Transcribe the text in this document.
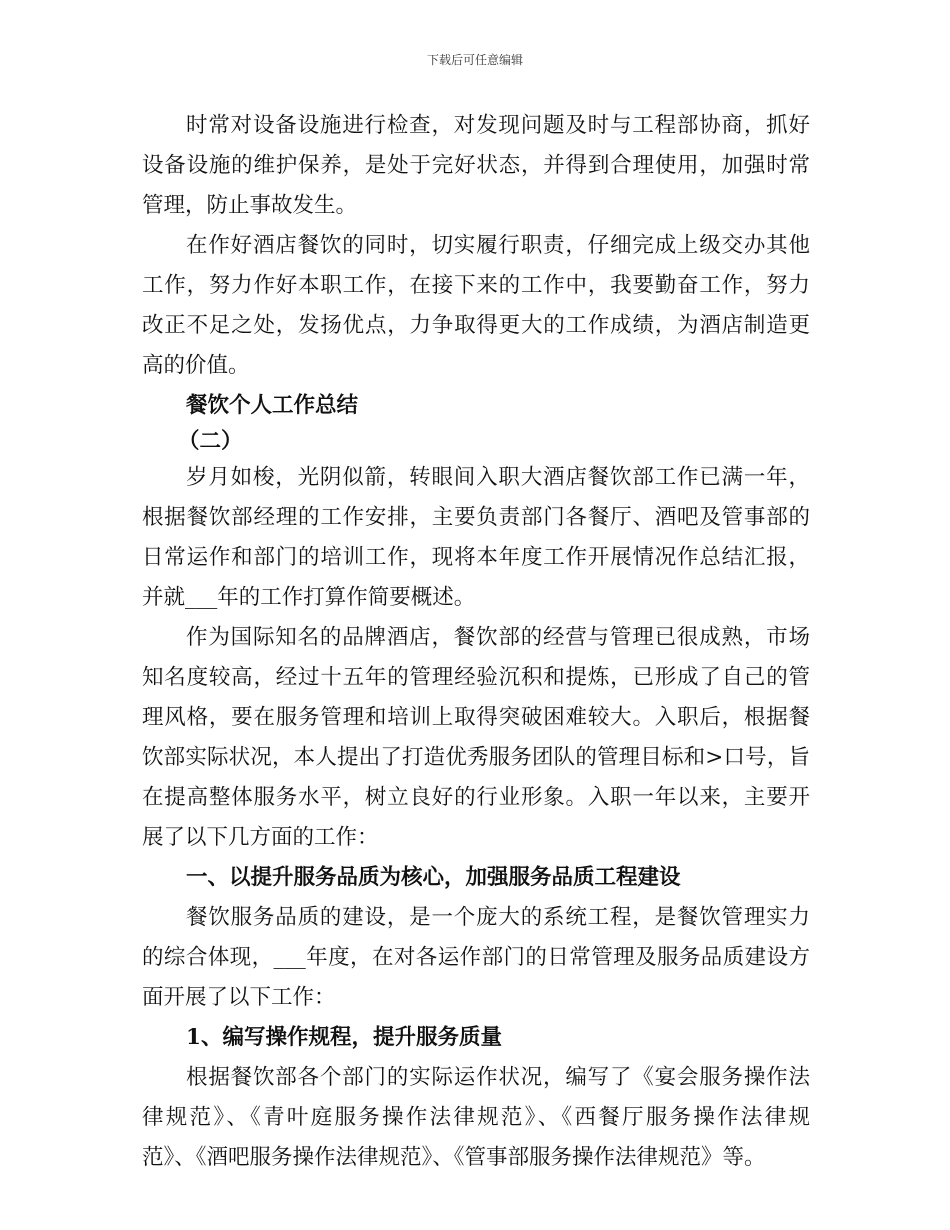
下载后可任意编辑
时常对设备设施进行检查，对发现问题及时与工程部协商，抓好
设备设施的维护保养，是处于完好状态，并得到合理使用，加强时常
管理，防止事故发生。
在作好酒店餐饮的同时，切实履行职责，仔细完成上级交办其他
工作，努力作好本职工作，在接下来的工作中，我要勤奋工作，努力
改正不足之处，发扬优点，力争取得更大的工作成绩，为酒店制造更
高的价值。
餐饮个人工作总结
（二）
岁月如梭，光阴似箭，转眼间入职大酒店餐饮部工作已满一年，
根据餐饮部经理的工作安排，主要负责部门各餐厅、酒吧及管事部的
日常运作和部门的培训工作，现将本年度工作开展情况作总结汇报，
并就___年的工作打算作简要概述。
作为国际知名的品牌酒店，餐饮部的经营与管理已很成熟，市场
知名度较高，经过十五年的管理经验沉积和提炼，已形成了自己的管
理风格，要在服务管理和培训上取得突破困难较大。入职后，根据餐
饮部实际状况，本人提出了打造优秀服务团队的管理目标和>口号，旨
在提高整体服务水平，树立良好的行业形象。入职一年以来，主要开
展了以下几方面的工作：
一、以提升服务品质为核心，加强服务品质工程建设
餐饮服务品质的建设，是一个庞大的系统工程，是餐饮管理实力
的综合体现，___年度，在对各运作部门的日常管理及服务品质建设方
面开展了以下工作：
1、编写操作规程，提升服务质量
根据餐饮部各个部门的实际运作状况，编写了《宴会服务操作法
律规范》、《青叶庭服务操作法律规范》、《西餐厅服务操作法律规
范》、《酒吧服务操作法律规范》、《管事部服务操作法律规范》等。
